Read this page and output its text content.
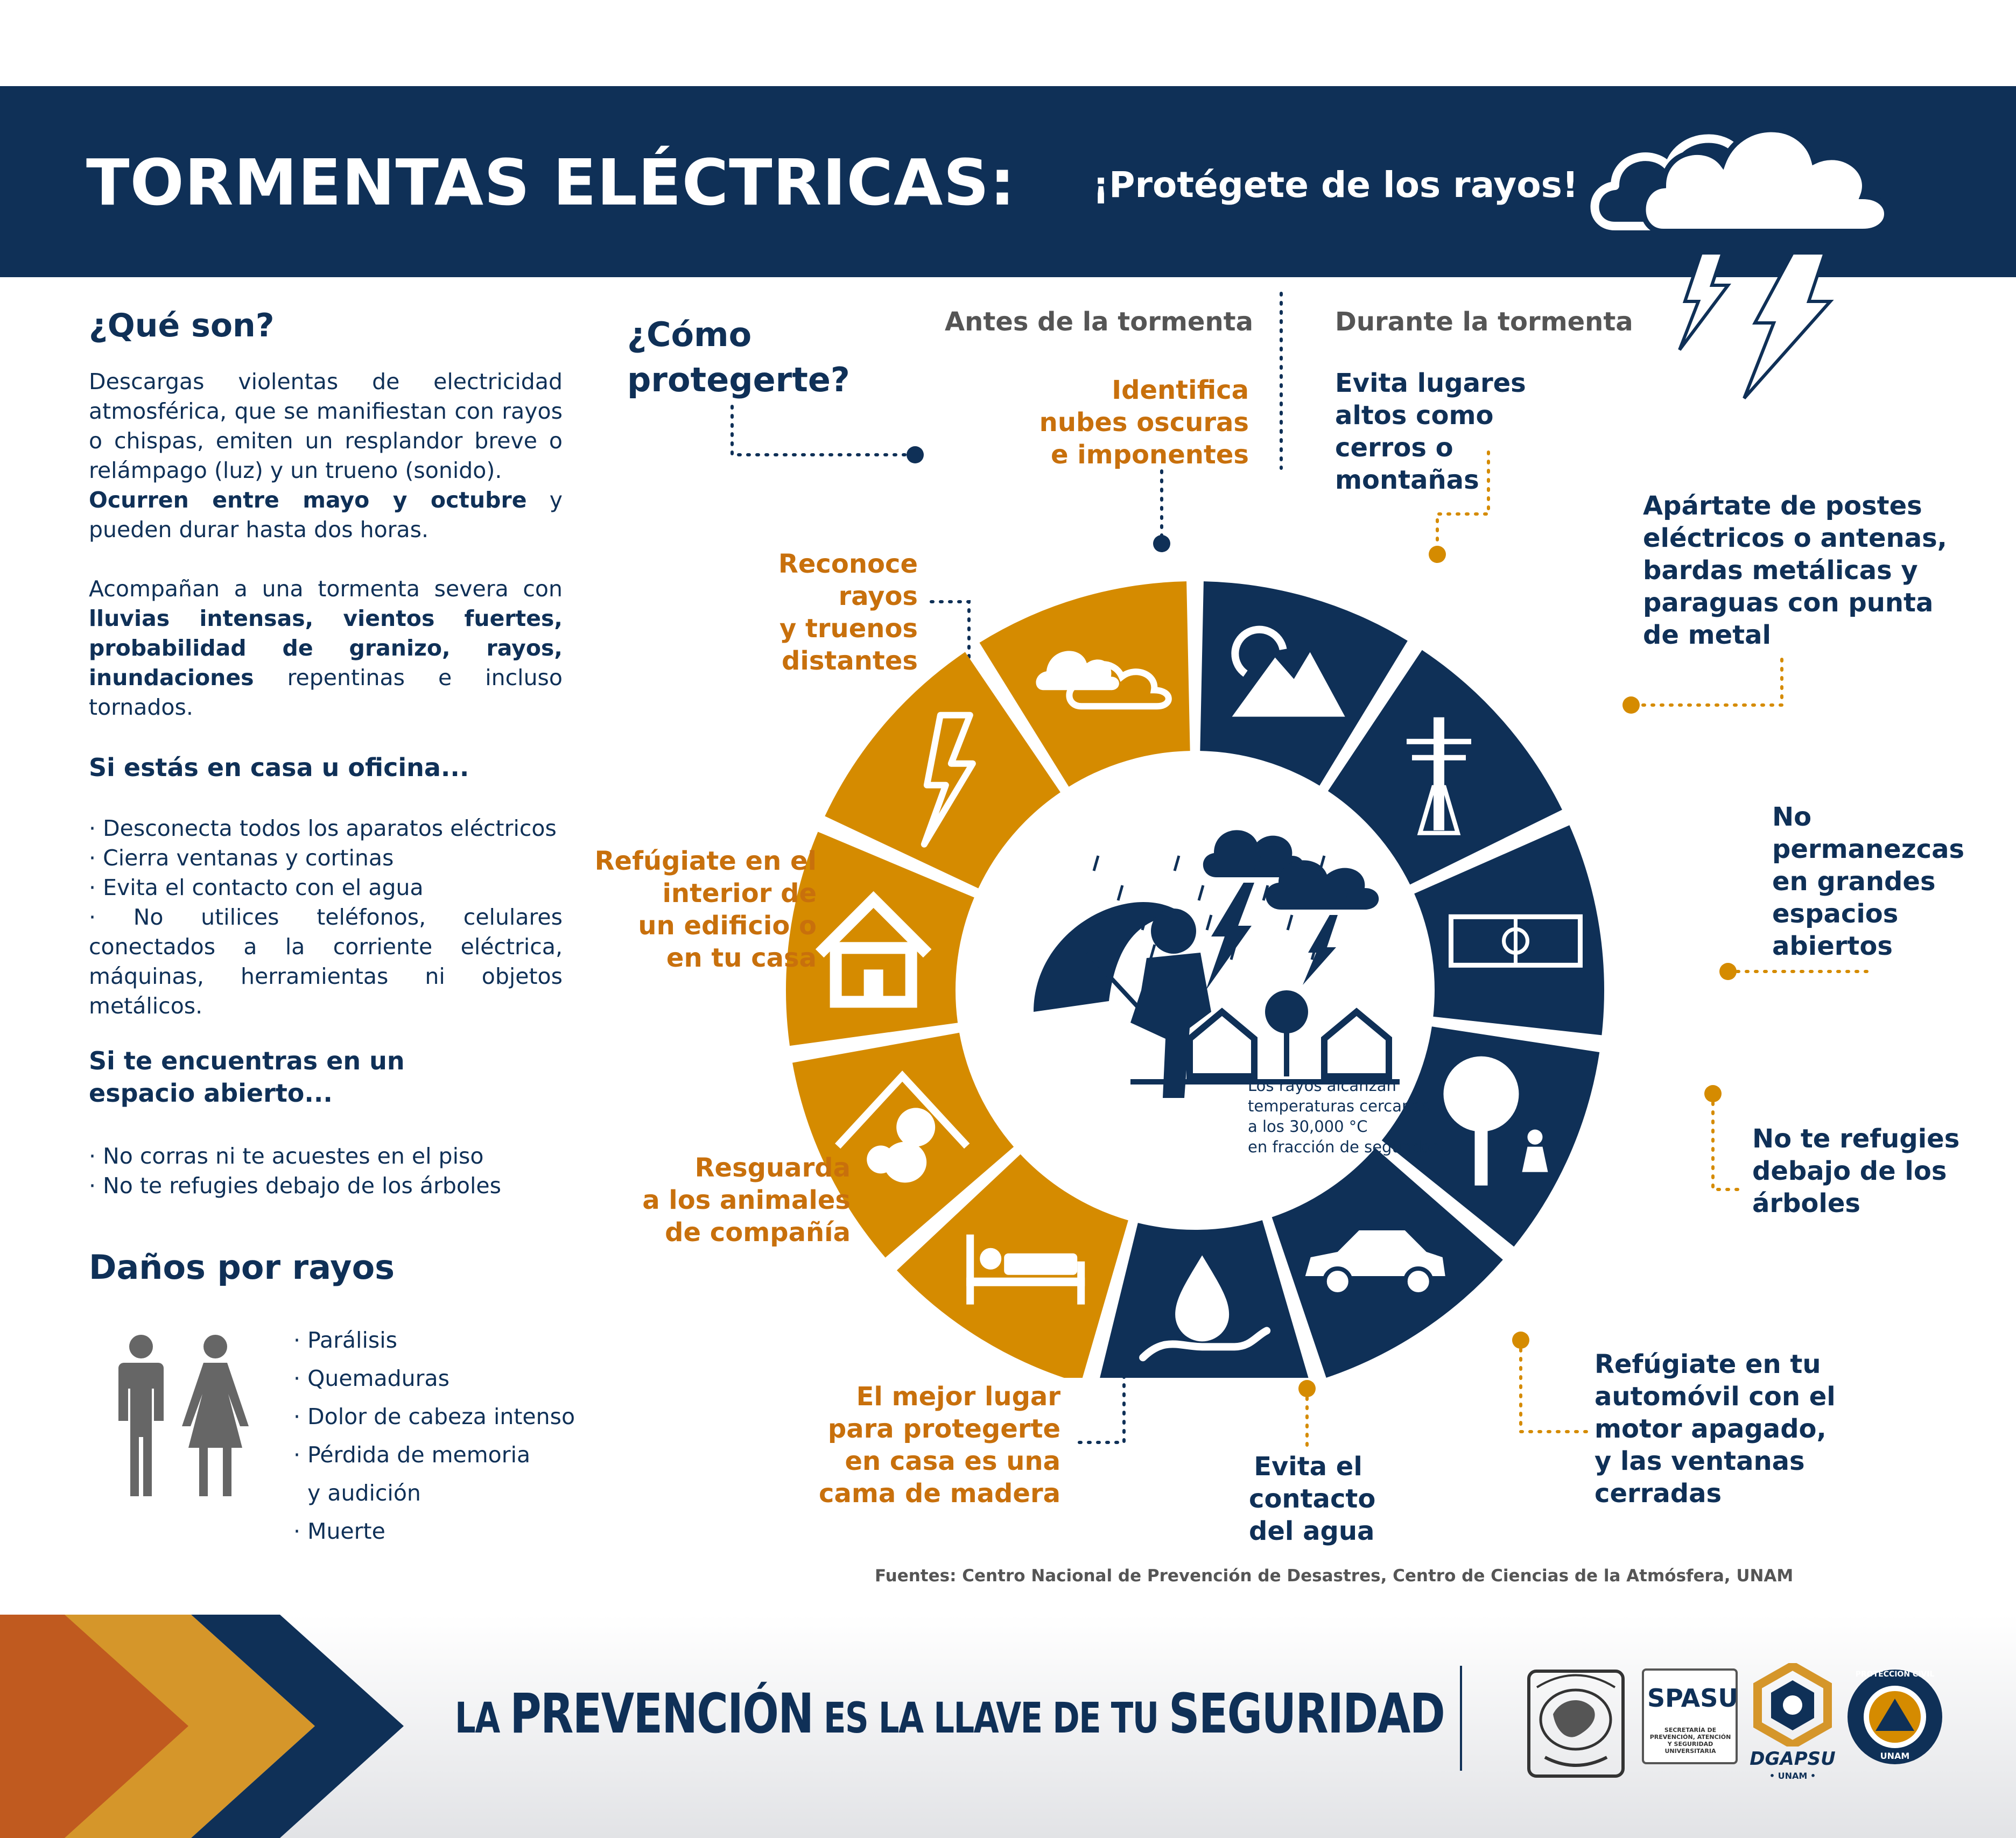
TORMENTAS ELÉCTRICAS: ¡Protégete de los rayos!

¿Qué son?

Descargas violentas de electricidad atmosférica, que se manifiestan con rayos o chispas, emiten un resplandor breve o relámpago (luz) y un trueno (sonido).

Ocurren entre mayo y octubre y pueden durar hasta dos horas.

Acompañan a una tormenta severa con lluvias intensas, vientos fuertes, probabilidad de granizo, rayos, inundaciones repentinas e incluso tornados.

Si estás en casa u oficina...

· Desconecta todos los aparatos eléctricos

· Cierra ventanas y cortinas

· Evita el contacto con el agua

· No utilices teléfonos, celulares conectados a la corriente eléctrica, máquinas, herramientas ni objetos metálicos.

Si te encuentras en un espacio abierto...

· No corras ni te acuestes en el piso

· No te refugies debajo de los árboles

¿Cómo
protegerte?
Antes de la tormenta	Durante la tormenta
Identifica
nubes oscuras
e imponentes
Reconoce
rayos
y truenos
distantes
Refúgiate en el
interior de
un edificio o
en tu casa
Resguarda
a los animales
de compañía
El mejor lugar
para protegerte
en casa es una
cama de madera
Evita lugares
altos como
cerros o
montañas
Apártate de postes
eléctricos o antenas,
bardas metálicas y
paraguas con punta
de metal
No
permanezcas
en grandes
espacios
abiertos
No te refugies
debajo de los
árboles
Refúgiate en tu
automóvil con el
motor apagado,
y las ventanas
cerradas
Evita el
contacto
del agua
Los rayos alcanzan
temperaturas cercanas
a los 30,000 °C
en fracción de segundos.
Fuentes: Centro Nacional de Prevención de Desastres, Centro de Ciencias de la Atmósfera, UNAM
Daños por rayos

· Parálisis

· Quemaduras

· Dolor de cabeza intenso

· Pérdida de memoria

y audición

· Muerte

LA PREVENCIÓN ES LA LLAVE DE TU SEGURIDAD	SPASU
SECRETARÍA DE
PREVENCIÓN, ATENCIÓN
Y SEGURIDAD
UNIVERSITARIA	DGAPSU
• UNAM •
PROTECCION CIVIL
UNAM
